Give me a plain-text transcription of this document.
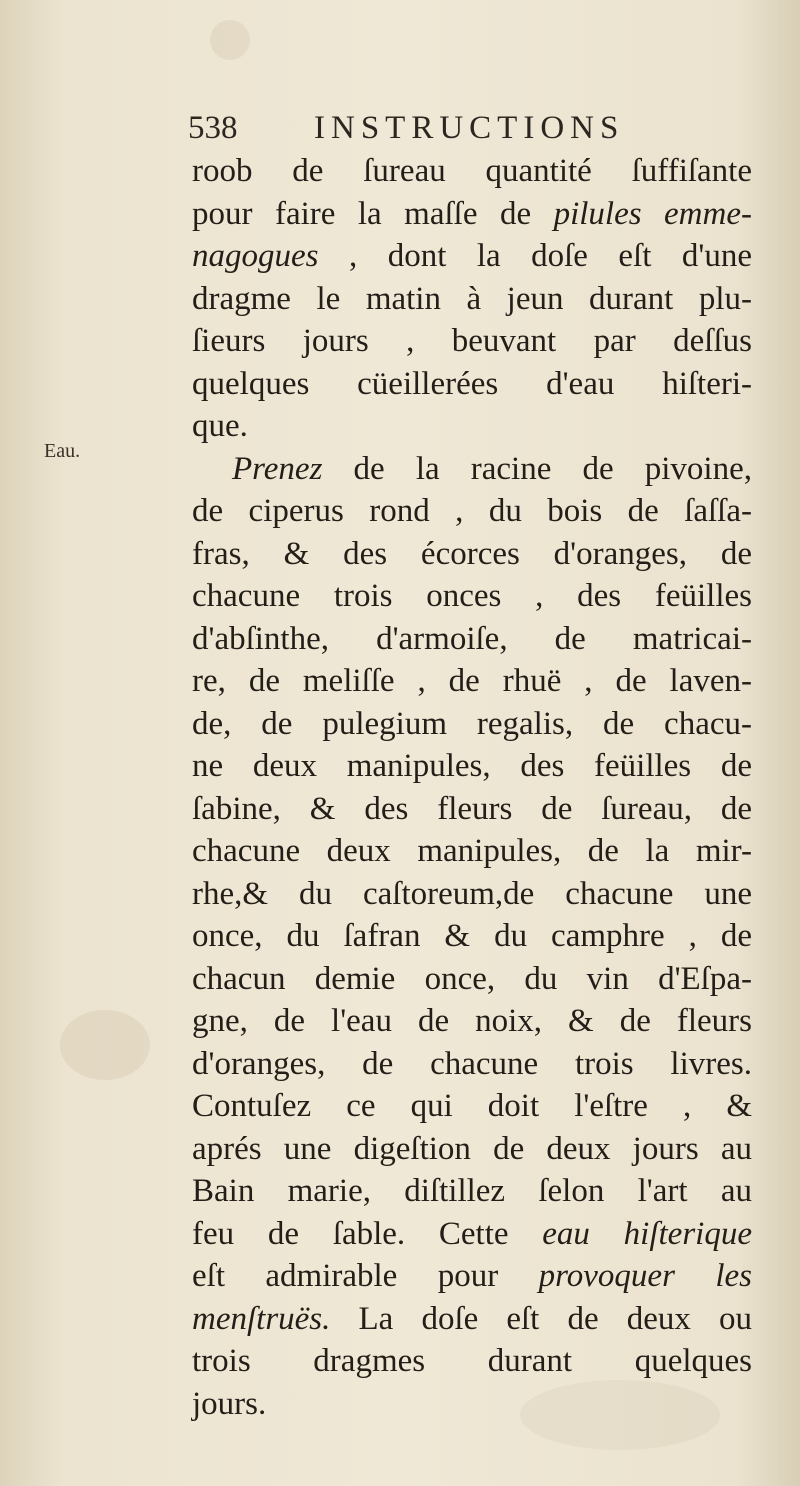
538 INSTRUCTIONS
Eau.
roob de ſureau quantité ſuffiſante
pour faire la maſſe de pilules emme-
nagogues , dont la doſe eſt d'une
dragme le matin à jeun durant plu-
ſieurs jours , beuvant par deſſus
quelques cüeillerées d'eau hiſteri-
que.
Prenez de la racine de pivoine,
de ciperus rond , du bois de ſaſſa-
fras, & des écorces d'oranges, de
chacune trois onces , des feüilles
d'abſinthe, d'armoiſe, de matricai-
re, de meliſſe , de rhuë , de laven-
de, de pulegium regalis, de chacu-
ne deux manipules, des feüilles de
ſabine, & des fleurs de ſureau, de
chacune deux manipules, de la mir-
rhe,& du caſtoreum,de chacune une
once, du ſafran & du camphre , de
chacun demie once, du vin d'Eſpa-
gne, de l'eau de noix, & de fleurs
d'oranges, de chacune trois livres.
Contuſez ce qui doit l'eſtre , &
aprés une digeſtion de deux jours au
Bain marie, diſtillez ſelon l'art au
feu de ſable. Cette eau hiſterique
eſt admirable pour provoquer les
menſtruës. La doſe eſt de deux ou
trois dragmes durant quelques
jours.
